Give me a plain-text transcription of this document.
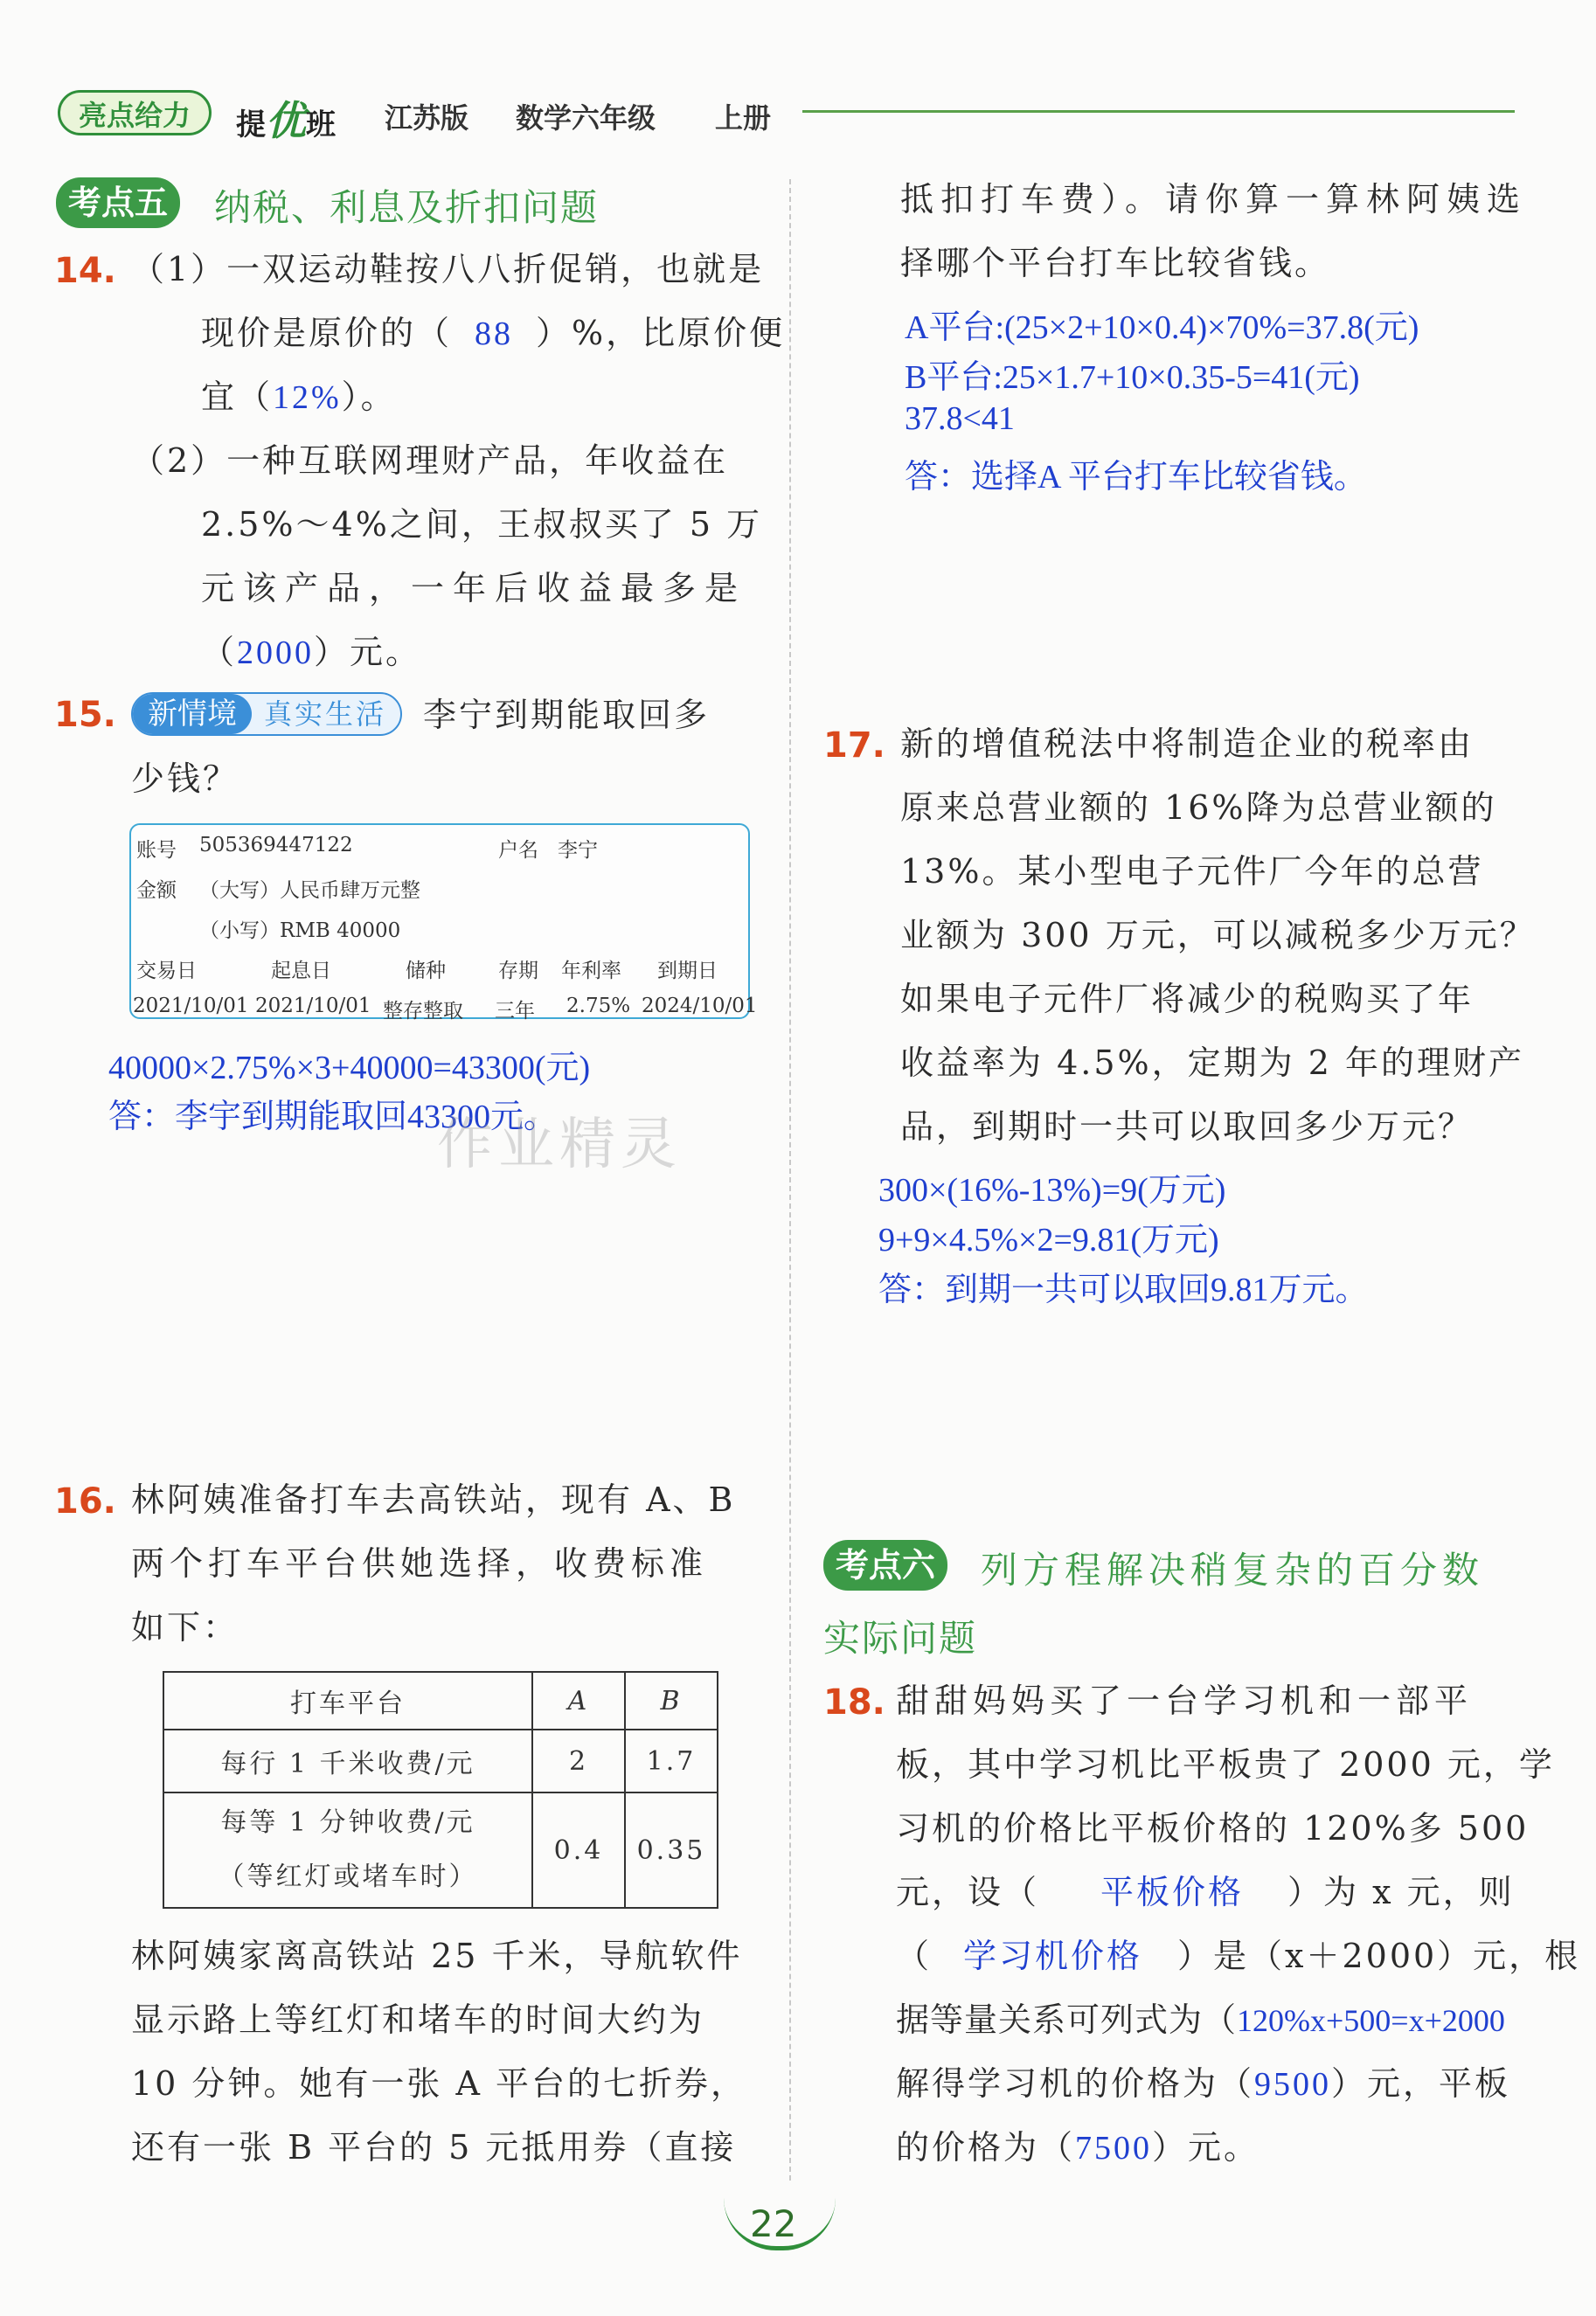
亮点给力	提优班 江苏版 数学六年级 上册
考点五	纳税、利息及折扣问题
14. （1）一双运动鞋按八八折促销，也就是
现价是原价的（ 88 ）%，比原价便
宜（12%）。
（2）一种互联网理财产品，年收益在
2.5%～4%之间，王叔叔买了 5 万
元该产品，一年后收益最多是
（2000）元。
15.	新情境 真实生活 李宁到期能取回多
少钱？
账号 505369447122	户名 李宁
金额 （大写）人民币肆万元整
（小写）RMB 40000
交易日	起息日	储种	存期 年利率 到期日
2021/10/01 2021/10/01 整存整取 三年 2.75% 2024/10/01
40000×2.75%×3+40000=43300(元)
答：李宇到期能取回43300元。
作业精灵
16. 林阿姨准备打车去高铁站，现有 A、B
两个打车平台供她选择，收费标准
如下：
打车平台	A	B
每行 1 千米收费/元	2	1.7

每等 1 分钟收费/元
（等红灯或堵车时）	0.4	0.35
林阿姨家离高铁站 25 千米，导航软件
显示路上等红灯和堵车的时间大约为
10 分钟。她有一张 A 平台的七折券，
还有一张 B 平台的 5 元抵用券（直接
抵扣打车费）。请你算一算林阿姨选
择哪个平台打车比较省钱。
A平台:(25×2+10×0.4)×70%=37.8(元)
B平台:25×1.7+10×0.35-5=41(元)
37.8<41
答：选择A 平台打车比较省钱。
17. 新的增值税法中将制造企业的税率由
原来总营业额的 16%降为总营业额的
13%。某小型电子元件厂今年的总营
业额为 300 万元，可以减税多少万元？
如果电子元件厂将减少的税购买了年
收益率为 4.5%，定期为 2 年的理财产
品，到期时一共可以取回多少万元？
300×(16%-13%)=9(万元)
9+9×4.5%×2=9.81(万元)
答：到期一共可以取回9.81万元。
考点六	列方程解决稍复杂的百分数
实际问题
18. 甜甜妈妈买了一台学习机和一部平
板，其中学习机比平板贵了 2000 元，学
习机的价格比平板价格的 120%多 500
元，设（ 平板价格 ）为 x 元，则
（ 学习机价格 ）是（x＋2000）元，根
据等量关系可列式为（120%x+500=x+2000
解得学习机的价格为（9500）元，平板
的价格为（7500）元。
22
